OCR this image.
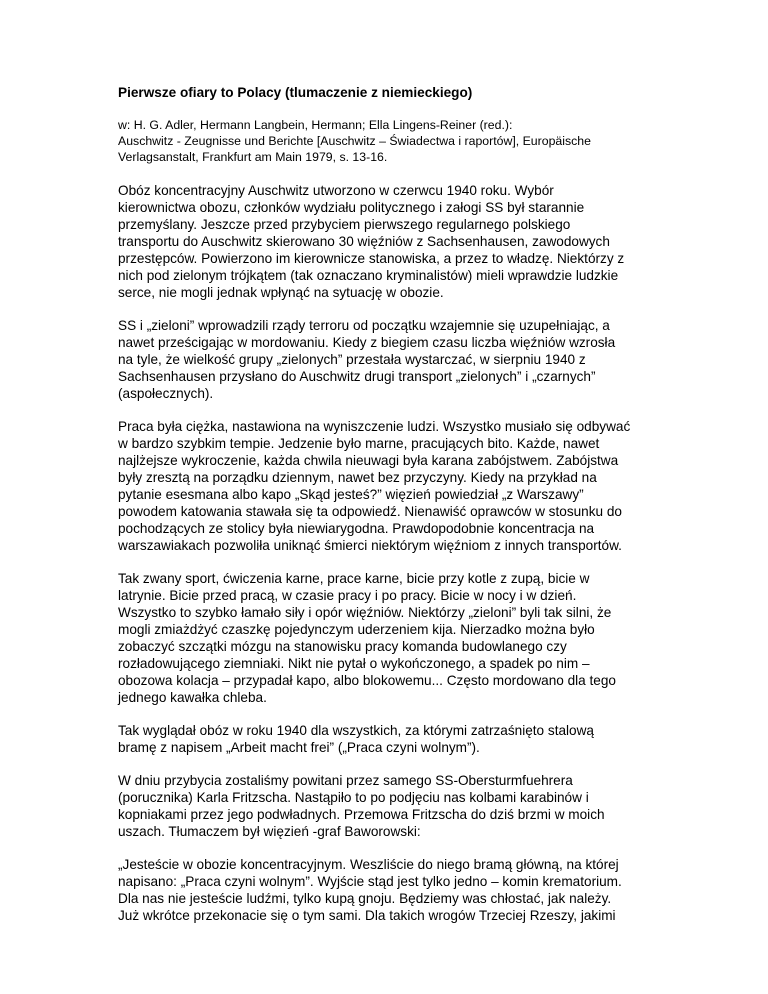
Pierwsze ofiary to Polacy (tlumaczenie z niemieckiego)
w: H. G. Adler, Hermann Langbein, Hermann; Ella Lingens-Reiner (red.):
Auschwitz - Zeugnisse und Berichte [Auschwitz – Świadectwa i raportów], Europäische
Verlagsanstalt, Frankfurt am Main 1979, s. 13-16.
Obóz koncentracyjny Auschwitz utworzono w czerwcu 1940 roku. Wybór
kierownictwa obozu, członków wydziału politycznego i załogi SS był starannie
przemyślany. Jeszcze przed przybyciem pierwszego regularnego polskiego
transportu do Auschwitz skierowano 30 więźniów z Sachsenhausen, zawodowych
przestępców. Powierzono im kierownicze stanowiska, a przez to władzę. Niektórzy z
nich pod zielonym trójkątem (tak oznaczano kryminalistów) mieli wprawdzie ludzkie
serce, nie mogli jednak wpłynąć na sytuację w obozie.
SS i „zieloni” wprowadzili rządy terroru od początku wzajemnie się uzupełniając, a
nawet prześcigając w mordowaniu. Kiedy z biegiem czasu liczba więźniów wzrosła
na tyle, że wielkość grupy „zielonych” przestała wystarczać, w sierpniu 1940 z
Sachsenhausen przysłano do Auschwitz drugi transport „zielonych” i „czarnych”
(aspołecznych).
Praca była ciężka, nastawiona na wyniszczenie ludzi. Wszystko musiało się odbywać
w bardzo szybkim tempie. Jedzenie było marne, pracujących bito. Każde, nawet
najlżejsze wykroczenie, każda chwila nieuwagi była karana zabójstwem. Zabójstwa
były zresztą na porządku dziennym, nawet bez przyczyny. Kiedy na przykład na
pytanie esesmana albo kapo „Skąd jesteś?” więzień powiedział „z Warszawy”
powodem katowania stawała się ta odpowiedź. Nienawiść oprawców w stosunku do
pochodzących ze stolicy była niewiarygodna. Prawdopodobnie koncentracja na
warszawiakach pozwoliła uniknąć śmierci niektórym więźniom z innych transportów.
Tak zwany sport, ćwiczenia karne, prace karne, bicie przy kotle z zupą, bicie w
latrynie. Bicie przed pracą, w czasie pracy i po pracy. Bicie w nocy i w dzień.
Wszystko to szybko łamało siły i opór więźniów. Niektórzy „zieloni” byli tak silni, że
mogli zmiażdżyć czaszkę pojedynczym uderzeniem kija. Nierzadko można było
zobaczyć szczątki mózgu na stanowisku pracy komanda budowlanego czy
rozładowującego ziemniaki. Nikt nie pytał o wykończonego, a spadek po nim –
obozowa kolacja – przypadał kapo, albo blokowemu... Często mordowano dla tego
jednego kawałka chleba.
Tak wyglądał obóz w roku 1940 dla wszystkich, za którymi zatrzaśnięto stalową
bramę z napisem „Arbeit macht frei” („Praca czyni wolnym”).
W dniu przybycia zostaliśmy powitani przez samego SS-Obersturmfuehrera
(porucznika) Karla Fritzscha. Nastąpiło to po podjęciu nas kolbami karabinów i
kopniakami przez jego podwładnych. Przemowa Fritzscha do dziś brzmi w moich
uszach. Tłumaczem był więzień -graf Baworowski:
„Jesteście w obozie koncentracyjnym. Weszliście do niego bramą główną, na której
napisano: „Praca czyni wolnym”. Wyjście stąd jest tylko jedno – komin krematorium.
Dla nas nie jesteście ludźmi, tylko kupą gnoju. Będziemy was chłostać, jak należy.
Już wkrótce przekonacie się o tym sami. Dla takich wrogów Trzeciej Rzeszy, jakimi
